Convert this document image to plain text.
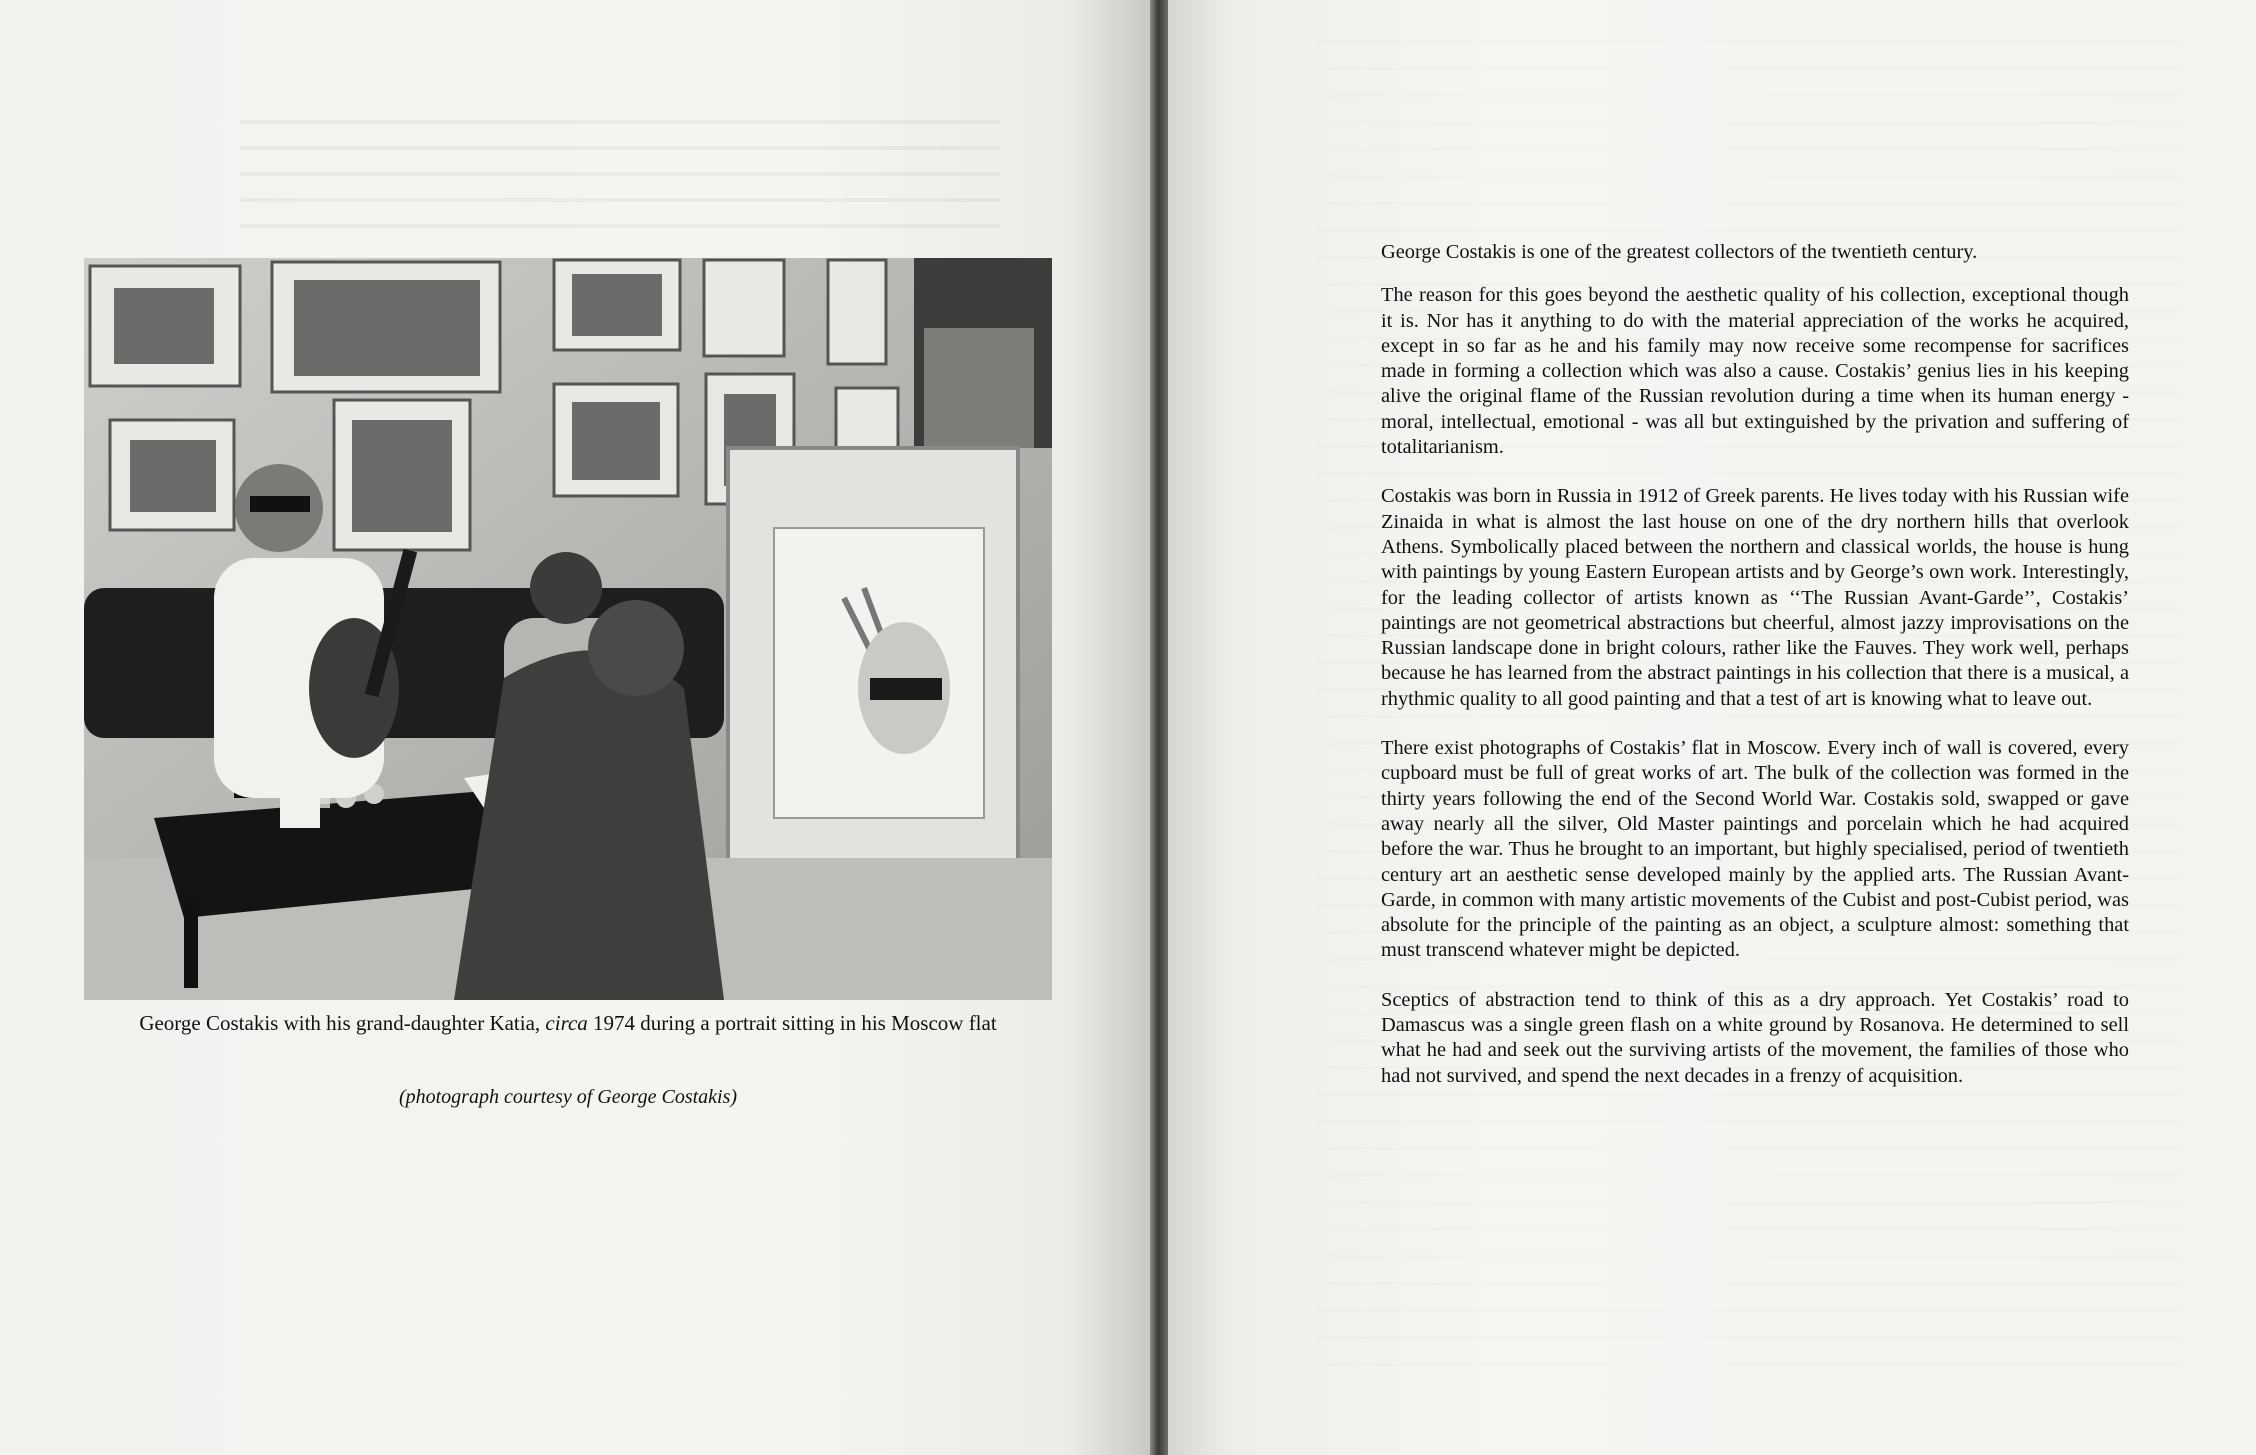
George Costakis with his grand-daughter Katia, circa 1974 during a portrait sitting in his Moscow flat
(photograph courtesy of George Costakis)

George Costakis is one of the greatest collectors of the twentieth century.

The reason for this goes beyond the aesthetic quality of his collection, exceptional though it is. Nor has it anything to do with the material appreciation of the works he acquired, except in so far as he and his family may now receive some recompense for sacrifices made in forming a collection which was also a cause. Costakis’ genius lies in his keeping alive the original flame of the Russian revolution during a time when its human energy - moral, intellectual, emotional - was all but extinguished by the privation and suffering of totalitarianism.

Costakis was born in Russia in 1912 of Greek parents. He lives today with his Russian wife Zinaida in what is almost the last house on one of the dry northern hills that overlook Athens. Symbolically placed between the northern and classical worlds, the house is hung with paintings by young Eastern European artists and by George’s own work. Interestingly, for the leading collector of artists known as ‘‘The Russian Avant-Garde’’, Costakis’ paintings are not geometrical abstractions but cheerful, almost jazzy improvisations on the Russian landscape done in bright colours, rather like the Fauves. They work well, perhaps because he has learned from the abstract paintings in his collection that there is a musical, a rhythmic quality to all good painting and that a test of art is knowing what to leave out.

There exist photographs of Costakis’ flat in Moscow. Every inch of wall is covered, every cupboard must be full of great works of art. The bulk of the collection was formed in the thirty years following the end of the Second World War. Costakis sold, swapped or gave away nearly all the silver, Old Master paintings and porcelain which he had acquired before the war. Thus he brought to an important, but highly specialised, period of twentieth century art an aesthetic sense developed mainly by the applied arts. The Russian Avant-Garde, in common with many artistic movements of the Cubist and post-Cubist period, was absolute for the principle of the painting as an object, a sculpture almost: something that must transcend whatever might be depicted.

Sceptics of abstraction tend to think of this as a dry approach. Yet Costakis’ road to Damascus was a single green flash on a white ground by Rosanova. He determined to sell what he had and seek out the surviving artists of the movement, the families of those who had not survived, and spend the next decades in a frenzy of acquisition.
